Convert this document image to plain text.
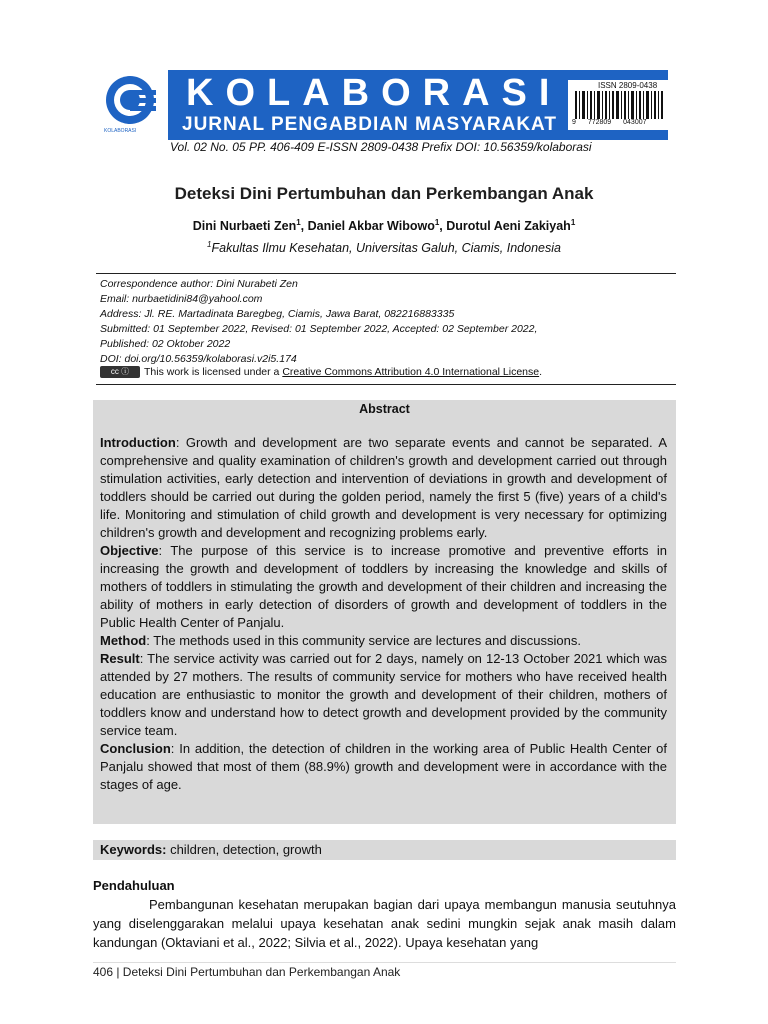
KOLABORASI
KOLABORASI
JURNAL PENGABDIAN MASYARAKAT
ISSN 2809-0438
9 772809 043007
Vol. 02 No. 05 PP. 406-409 E-ISSN 2809-0438 Prefix DOI: 10.56359/kolaborasi
Deteksi Dini Pertumbuhan dan Perkembangan Anak
Dini Nurbaeti Zen$^1$, Daniel Akbar Wibowo$^1$, Durotul Aeni Zakiyah$^1$
$^1$Fakultas Ilmu Kesehatan, Universitas Galuh, Ciamis, Indonesia
Correspondence author: Dini Nurabeti Zen
Email: nurbaetidini84@yahool.com
Address: Jl. RE. Martadinata Baregbeg, Ciamis, Jawa Barat, 082216883335
Submitted: 01 September 2022, Revised: 01 September 2022, Accepted: 02 September 2022,
Published: 02 Oktober 2022
DOI: doi.org/10.56359/kolaborasi.v2i5.174
cc ⓘ This work is licensed under a Creative Commons Attribution 4.0 International License.
Abstract

Introduction: Growth and development are two separate events and cannot be separated. A comprehensive and quality examination of children's growth and development carried out through stimulation activities, early detection and intervention of deviations in growth and development of toddlers should be carried out during the golden period, namely the first 5 (five) years of a child's life. Monitoring and stimulation of child growth and development is very necessary for optimizing children's growth and development and recognizing problems early.

Objective: The purpose of this service is to increase promotive and preventive efforts in increasing the growth and development of toddlers by increasing the knowledge and skills of mothers of toddlers in stimulating the growth and development of their children and increasing the ability of mothers in early detection of disorders of growth and development of toddlers in the Public Health Center of Panjalu.

Method: The methods used in this community service are lectures and discussions.

Result: The service activity was carried out for 2 days, namely on 12-13 October 2021 which was attended by 27 mothers. The results of community service for mothers who have received health education are enthusiastic to monitor the growth and development of their children, mothers of toddlers know and understand how to detect growth and development provided by the community service team.

Conclusion: In addition, the detection of children in the working area of Public Health Center of Panjalu showed that most of them (88.9%) growth and development were in accordance with the stages of age.

Keywords: children, detection, growth
Pendahuluan
Pembangunan kesehatan merupakan bagian dari upaya membangun manusia seutuhnya yang diselenggarakan melalui upaya kesehatan anak sedini mungkin sejak anak masih dalam kandungan (Oktaviani et al., 2022; Silvia et al., 2022). Upaya kesehatan yang
406 | Deteksi Dini Pertumbuhan dan Perkembangan Anak
